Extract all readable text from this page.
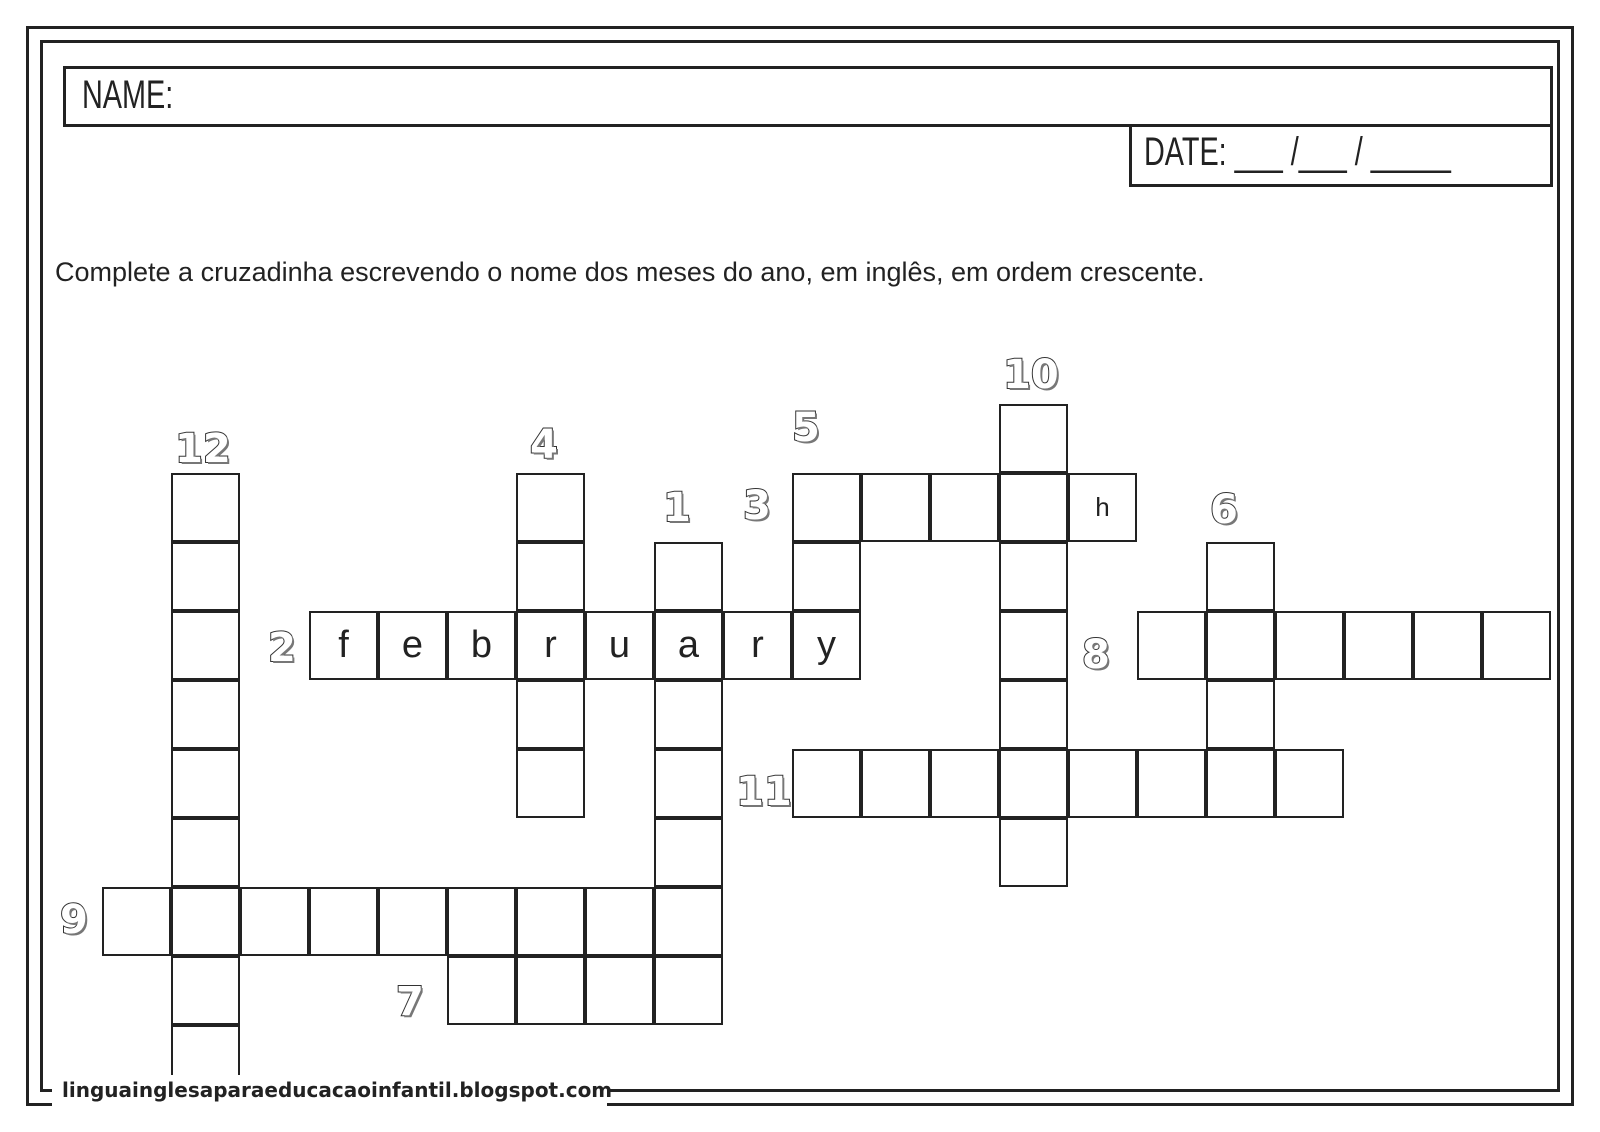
NAME:
DATE: ___ /___ / _____
Complete a cruzadinha escrevendo o nome dos meses do ano, em inglês, em ordem crescente.
r	a	y
h
f	e	b	u	r
1
2
3
4	5
6
7
8
9
10
11
12
linguainglesaparaeducacaoinfantil.blogspot.com
